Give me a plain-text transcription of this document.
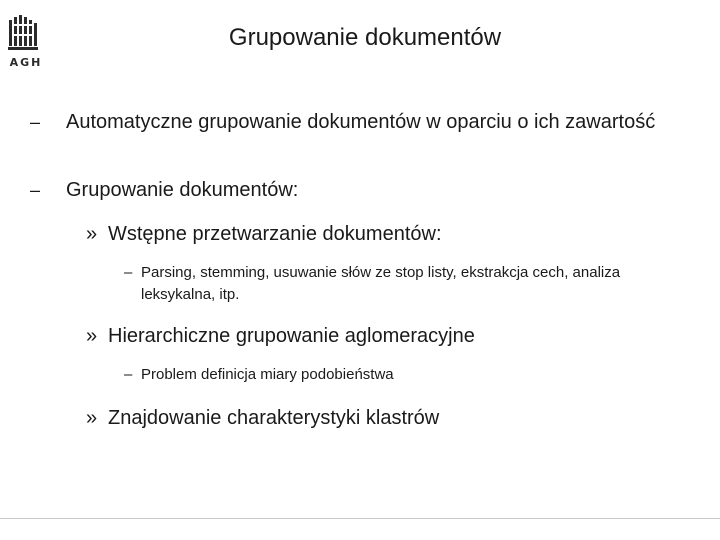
AGH
Grupowanie dokumentów
–	Automatyczne grupowanie dokumentów w oparciu o ich zawartość
–	Grupowanie dokumentów:
» Wstępne przetwarzanie dokumentów:
– Parsing, stemming, usuwanie słów ze stop listy, ekstrakcja cech, analiza leksykalna, itp.
» Hierarchiczne grupowanie aglomeracyjne
– Problem definicja miary podobieństwa
» Znajdowanie charakterystyki klastrów
